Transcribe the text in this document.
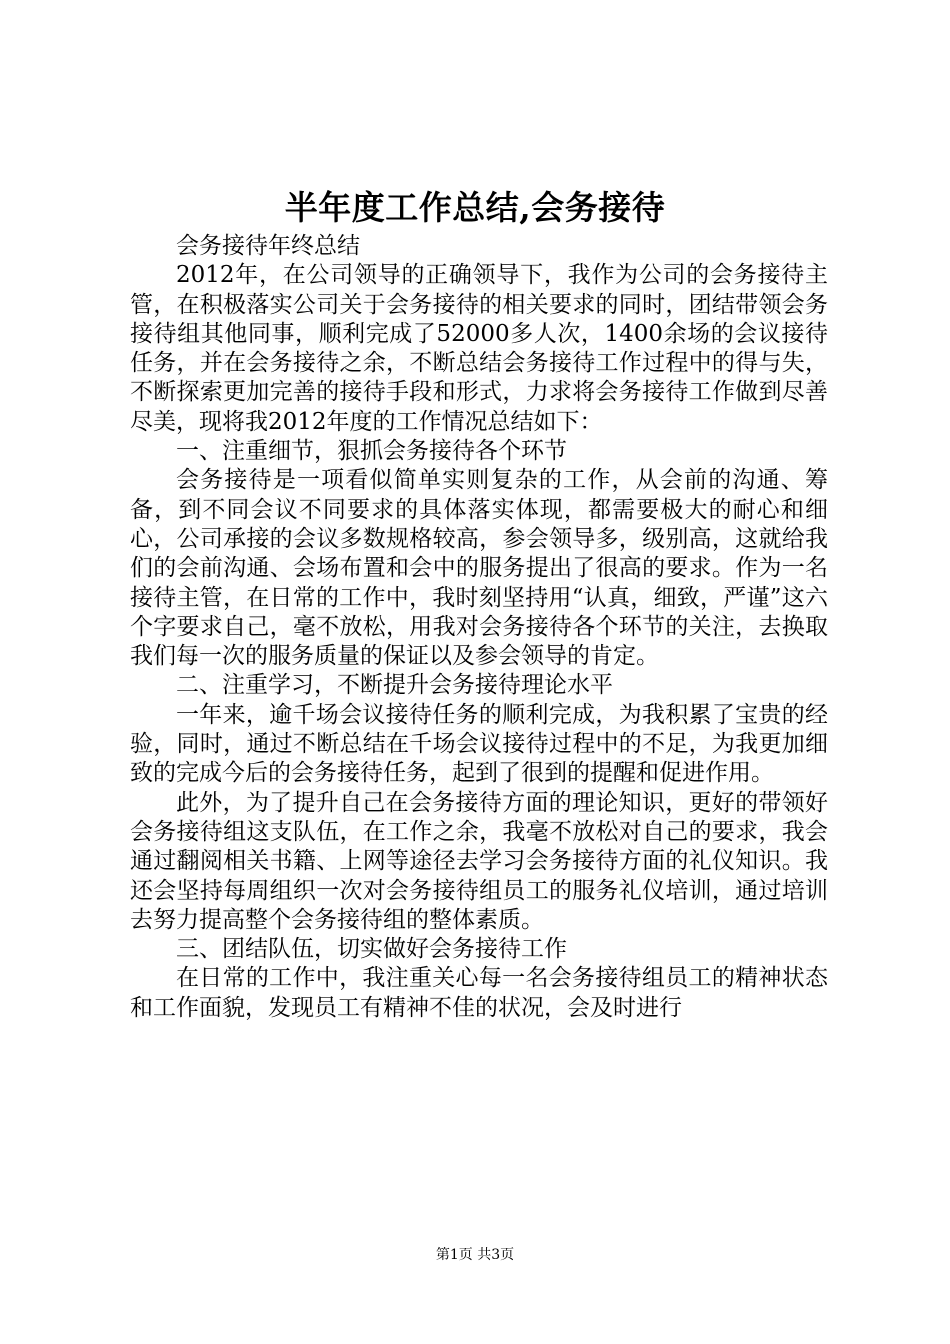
半年度工作总结,会务接待

会务接待年终总结

2012年，在公司领导的正确领导下，我作为公司的会务接待主管，在积极落实公司关于会务接待的相关要求的同时，团结带领会务接待组其他同事，顺利完成了52000多人次，1400余场的会议接待任务，并在会务接待之余，不断总结会务接待工作过程中的得与失，不断探索更加完善的接待手段和形式，力求将会务接待工作做到尽善尽美，现将我2012年度的工作情况总结如下：

一、注重细节，狠抓会务接待各个环节

会务接待是一项看似简单实则复杂的工作，从会前的沟通、筹备，到不同会议不同要求的具体落实体现，都需要极大的耐心和细心，公司承接的会议多数规格较高，参会领导多，级别高，这就给我们的会前沟通、会场布置和会中的服务提出了很高的要求。作为一名接待主管，在日常的工作中，我时刻坚持用“认真，细致，严谨”这六个字要求自己，毫不放松，用我对会务接待各个环节的关注，去换取我们每一次的服务质量的保证以及参会领导的肯定。

二、注重学习，不断提升会务接待理论水平

一年来，逾千场会议接待任务的顺利完成，为我积累了宝贵的经验，同时，通过不断总结在千场会议接待过程中的不足，为我更加细致的完成今后的会务接待任务，起到了很到的提醒和促进作用。

此外，为了提升自己在会务接待方面的理论知识，更好的带领好会务接待组这支队伍，在工作之余，我毫不放松对自己的要求，我会通过翻阅相关书籍、上网等途径去学习会务接待方面的礼仪知识。我还会坚持每周组织一次对会务接待组员工的服务礼仪培训，通过培训去努力提高整个会务接待组的整体素质。

三、团结队伍，切实做好会务接待工作

在日常的工作中，我注重关心每一名会务接待组员工的精神状态和工作面貌，发现员工有精神不佳的状况，会及时进行

第1页 共3页
